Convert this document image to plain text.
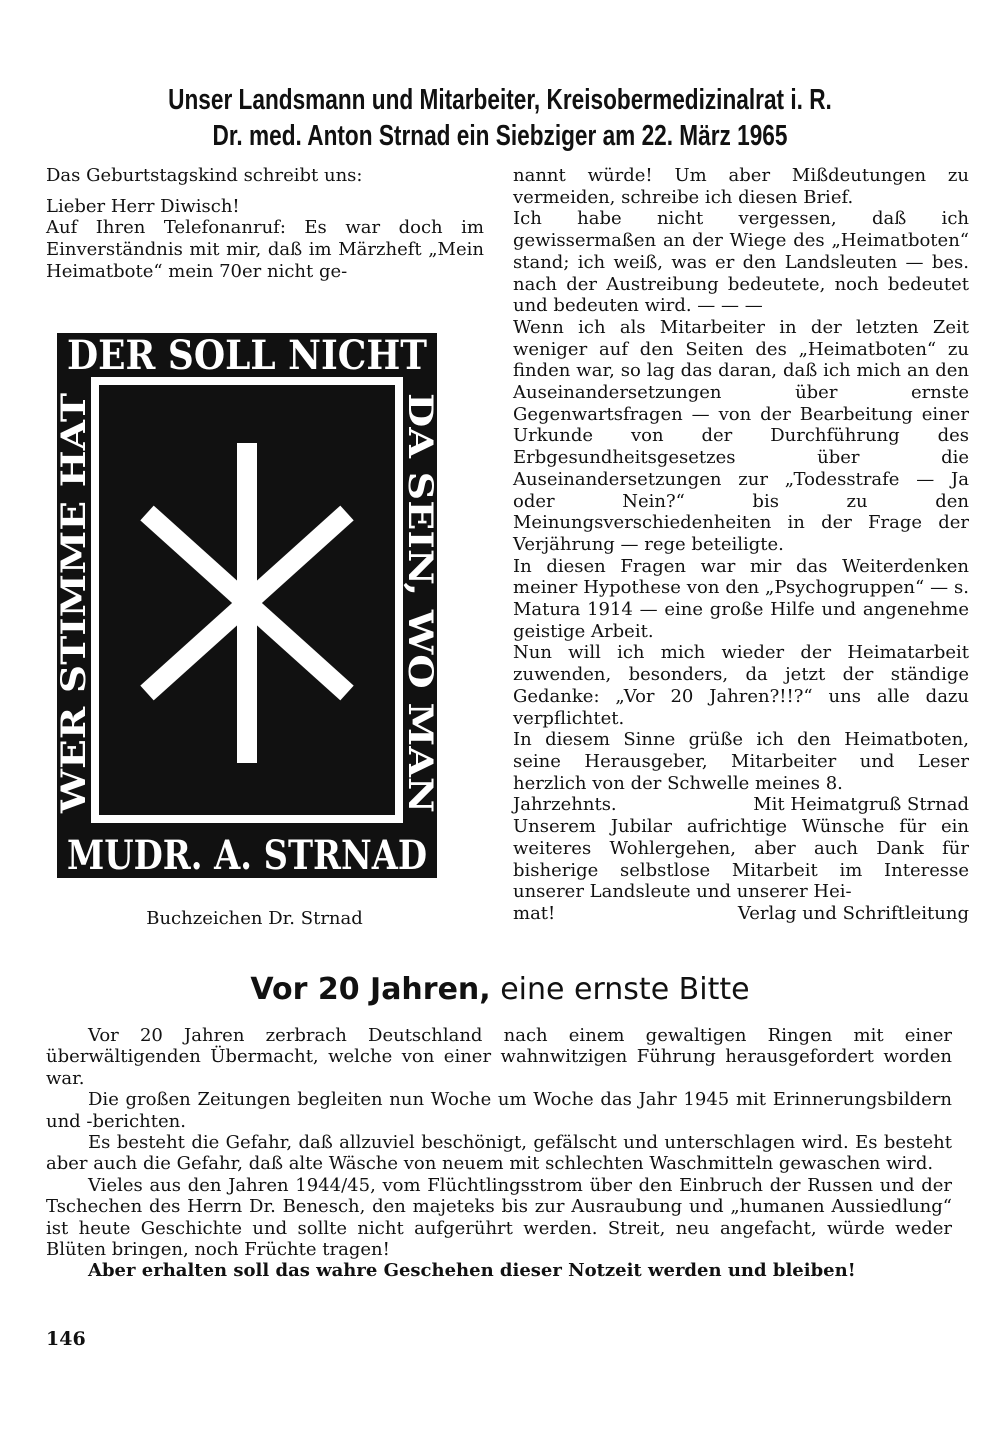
Unser Landsmann und Mitarbeiter, Kreisobermedizinalrat i. R.
Dr. med. Anton Strnad ein Siebziger am 22. März 1965

Das Geburtstagskind schreibt uns:

Lieber Herr Diwisch!

Auf Ihren Telefonanruf: Es war doch im Einverständnis mit mir, daß im Märzheft „Mein Heimatbote“ mein 70er nicht ge-

DER SOLL NICHT
MUDR. A. STRNAD
WER STIMME HAT	DA SEIN, WO MAN
Buchzeichen Dr. Strnad

nannt würde! Um aber Mißdeutungen zu vermeiden, schreibe ich diesen Brief.

Ich habe nicht vergessen, daß ich gewissermaßen an der Wiege des „Heimatboten“ stand; ich weiß, was er den Landsleuten — bes. nach der Austreibung bedeutete, noch bedeutet und bedeuten wird. — — —

Wenn ich als Mitarbeiter in der letzten Zeit weniger auf den Seiten des „Heimatboten“ zu finden war, so lag das daran, daß ich mich an den Auseinandersetzungen über ernste Gegenwartsfragen — von der Bearbeitung einer Urkunde von der Durchführung des Erbgesundheitsgesetzes über die Auseinandersetzungen zur „Todesstrafe — Ja oder Nein?“ bis zu den Meinungsverschiedenheiten in der Frage der Verjährung — rege beteiligte.

In diesen Fragen war mir das Weiterdenken meiner Hypothese von den „Psychogruppen“ — s. Matura 1914 — eine große Hilfe und angenehme geistige Arbeit.

Nun will ich mich wieder der Heimatarbeit zuwenden, besonders, da jetzt der ständige Gedanke: „Vor 20 Jahren?!!?“ uns alle dazu verpflichtet.

In diesem Sinne grüße ich den Heimatboten, seine Herausgeber, Mitarbeiter und Leser herzlich von der Schwelle meines 8.

Jahrzehnts.	Mit Heimatgruß Strnad

Unserem Jubilar aufrichtige Wünsche für ein weiteres Wohlergehen, aber auch Dank für bisherige selbstlose Mitarbeit im Interesse unserer Landsleute und unserer Hei-

mat!	Verlag und Schriftleitung

Vor 20 Jahren, eine ernste Bitte

Vor 20 Jahren zerbrach Deutschland nach einem gewaltigen Ringen mit einer überwältigenden Übermacht, welche von einer wahnwitzigen Führung herausgefordert worden war.

Die großen Zeitungen begleiten nun Woche um Woche das Jahr 1945 mit Erinnerungsbildern und -berichten.

Es besteht die Gefahr, daß allzuviel beschönigt, gefälscht und unterschlagen wird. Es besteht aber auch die Gefahr, daß alte Wäsche von neuem mit schlechten Waschmitteln gewaschen wird.

Vieles aus den Jahren 1944/45, vom Flüchtlingsstrom über den Einbruch der Russen und der Tschechen des Herrn Dr. Benesch, den majeteks bis zur Ausraubung und „humanen Aussiedlung“ ist heute Geschichte und sollte nicht aufgerührt werden. Streit, neu angefacht, würde weder Blüten bringen, noch Früchte tragen!

Aber erhalten soll das wahre Geschehen dieser Notzeit werden und bleiben!

146
